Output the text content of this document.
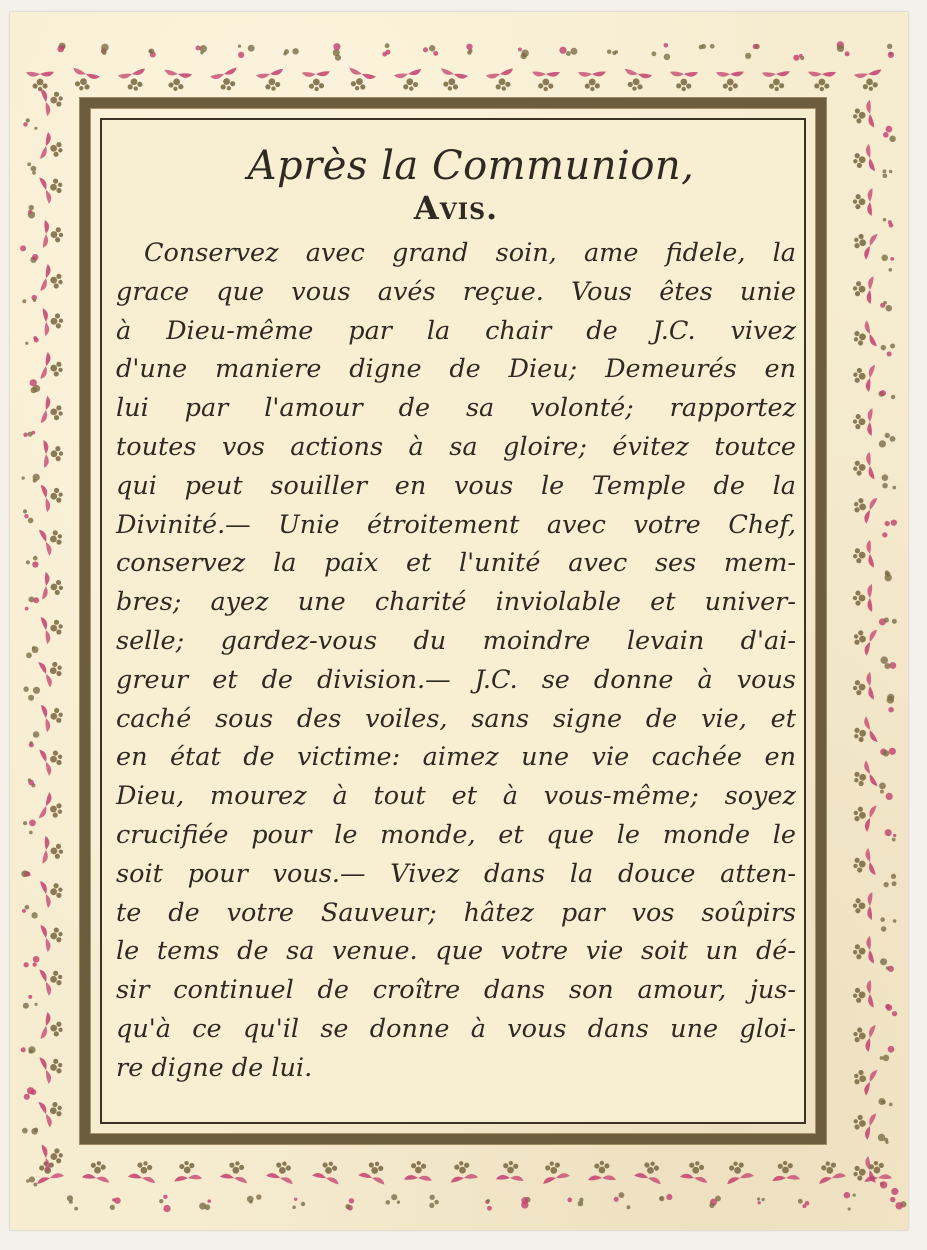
Après la Communion,
Avis.
Conservez avec grand soin, ame fidele, la
grace que vous avés reçue. Vous êtes unie
à Dieu-même par la chair de J.C. vivez
d'une maniere digne de Dieu; Demeurés en
lui par l'amour de sa volonté; rapportez
toutes vos actions à sa gloire; évitez toutce
qui peut souiller en vous le Temple de la
Divinité.— Unie étroitement avec votre Chef,
conservez la paix et l'unité avec ses mem-
bres; ayez une charité inviolable et univer-
selle; gardez-vous du moindre levain d'ai-
greur et de division.— J.C. se donne à vous
caché sous des voiles, sans signe de vie, et
en état de victime: aimez une vie cachée en
Dieu, mourez à tout et à vous-même; soyez
crucifiée pour le monde, et que le monde le
soit pour vous.— Vivez dans la douce atten-
te de votre Sauveur; hâtez par vos soûpirs
le tems de sa venue. que votre vie soit un dé-
sir continuel de croître dans son amour, jus-
qu'à ce qu'il se donne à vous dans une gloi-
re digne de lui.
